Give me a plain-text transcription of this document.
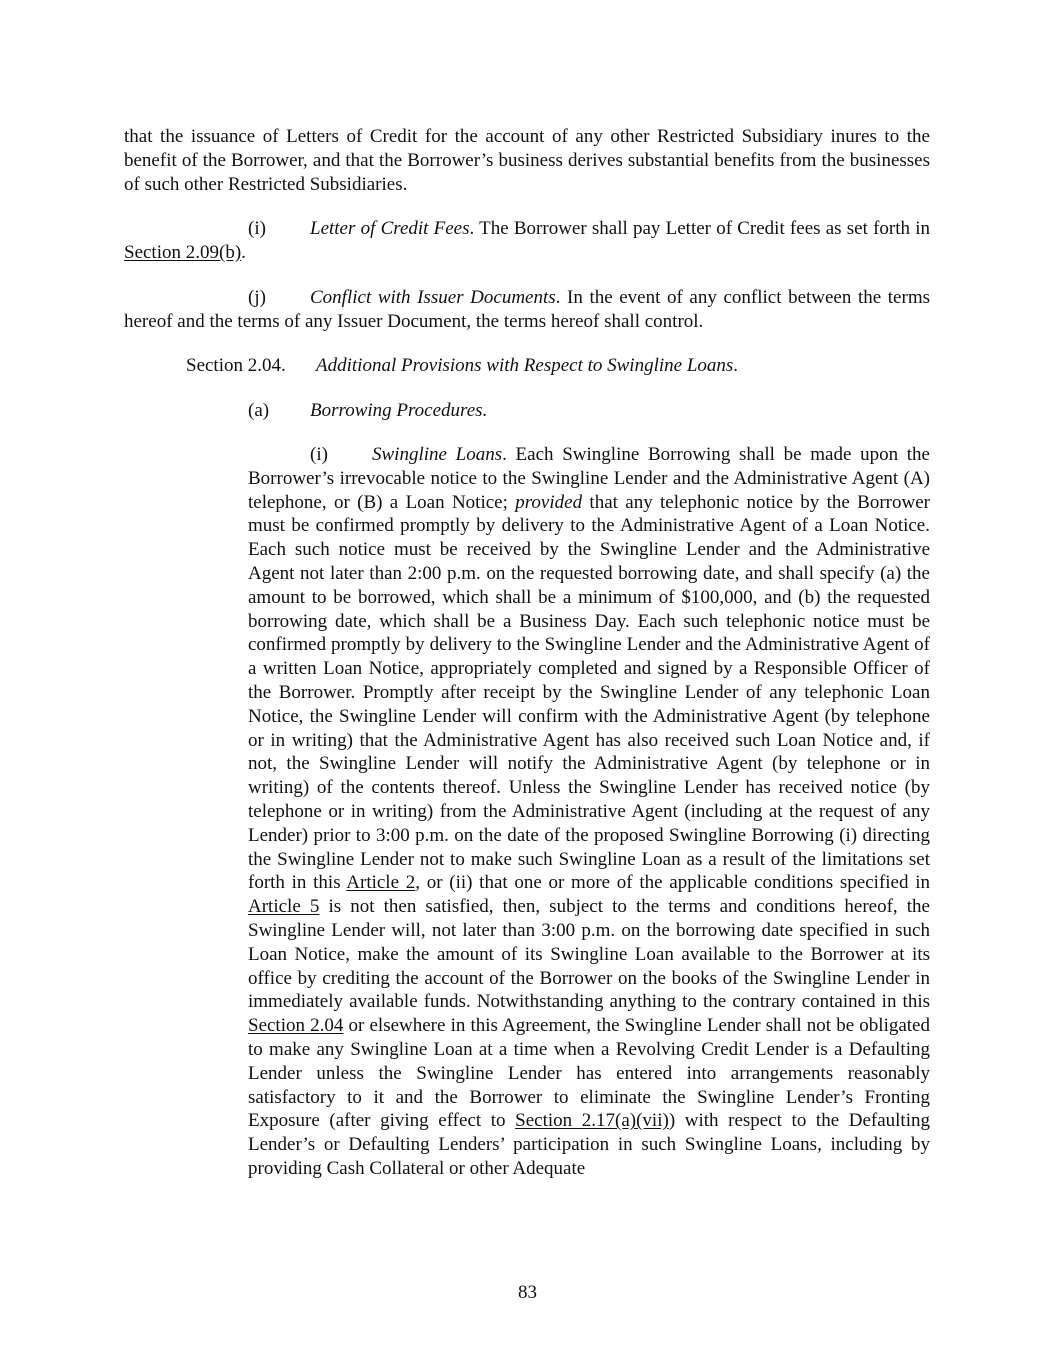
that the issuance of Letters of Credit for the account of any other Restricted Subsidiary inures to the benefit of the Borrower, and that the Borrower’s business derives substantial benefits from the businesses of such other Restricted Subsidiaries.

(i) Letter of Credit Fees. The Borrower shall pay Letter of Credit fees as set forth in Section 2.09(b).

(j) Conflict with Issuer Documents. In the event of any conflict between the terms hereof and the terms of any Issuer Document, the terms hereof shall control.

Section 2.04. Additional Provisions with Respect to Swingline Loans.

(a) Borrowing Procedures.

(i) Swingline Loans. Each Swingline Borrowing shall be made upon the Borrower’s irrevocable notice to the Swingline Lender and the Administrative Agent (A) telephone, or (B) a Loan Notice; provided that any telephonic notice by the Borrower must be confirmed promptly by delivery to the Administrative Agent of a Loan Notice. Each such notice must be received by the Swingline Lender and the Administrative Agent not later than 2:00 p.m. on the requested borrowing date, and shall specify (a) the amount to be borrowed, which shall be a minimum of $100,000, and (b) the requested borrowing date, which shall be a Business Day. Each such telephonic notice must be confirmed promptly by delivery to the Swingline Lender and the Administrative Agent of a written Loan Notice, appropriately completed and signed by a Responsible Officer of the Borrower. Promptly after receipt by the Swingline Lender of any telephonic Loan Notice, the Swingline Lender will confirm with the Administrative Agent (by telephone or in writing) that the Administrative Agent has also received such Loan Notice and, if not, the Swingline Lender will notify the Administrative Agent (by telephone or in writing) of the contents thereof. Unless the Swingline Lender has received notice (by telephone or in writing) from the Administrative Agent (including at the request of any Lender) prior to 3:00 p.m. on the date of the proposed Swingline Borrowing (i) directing the Swingline Lender not to make such Swingline Loan as a result of the limitations set forth in this Article 2, or (ii) that one or more of the applicable conditions specified in Article 5 is not then satisfied, then, subject to the terms and conditions hereof, the Swingline Lender will, not later than 3:00 p.m. on the borrowing date specified in such Loan Notice, make the amount of its Swingline Loan available to the Borrower at its office by crediting the account of the Borrower on the books of the Swingline Lender in immediately available funds. Notwithstanding anything to the contrary contained in this Section 2.04 or elsewhere in this Agreement, the Swingline Lender shall not be obligated to make any Swingline Loan at a time when a Revolving Credit Lender is a Defaulting Lender unless the Swingline Lender has entered into arrangements reasonably satisfactory to it and the Borrower to eliminate the Swingline Lender’s Fronting Exposure (after giving effect to Section 2.17(a)(vii)) with respect to the Defaulting Lender’s or Defaulting Lenders’ participation in such Swingline Loans, including by providing Cash Collateral or other Adequate

83
